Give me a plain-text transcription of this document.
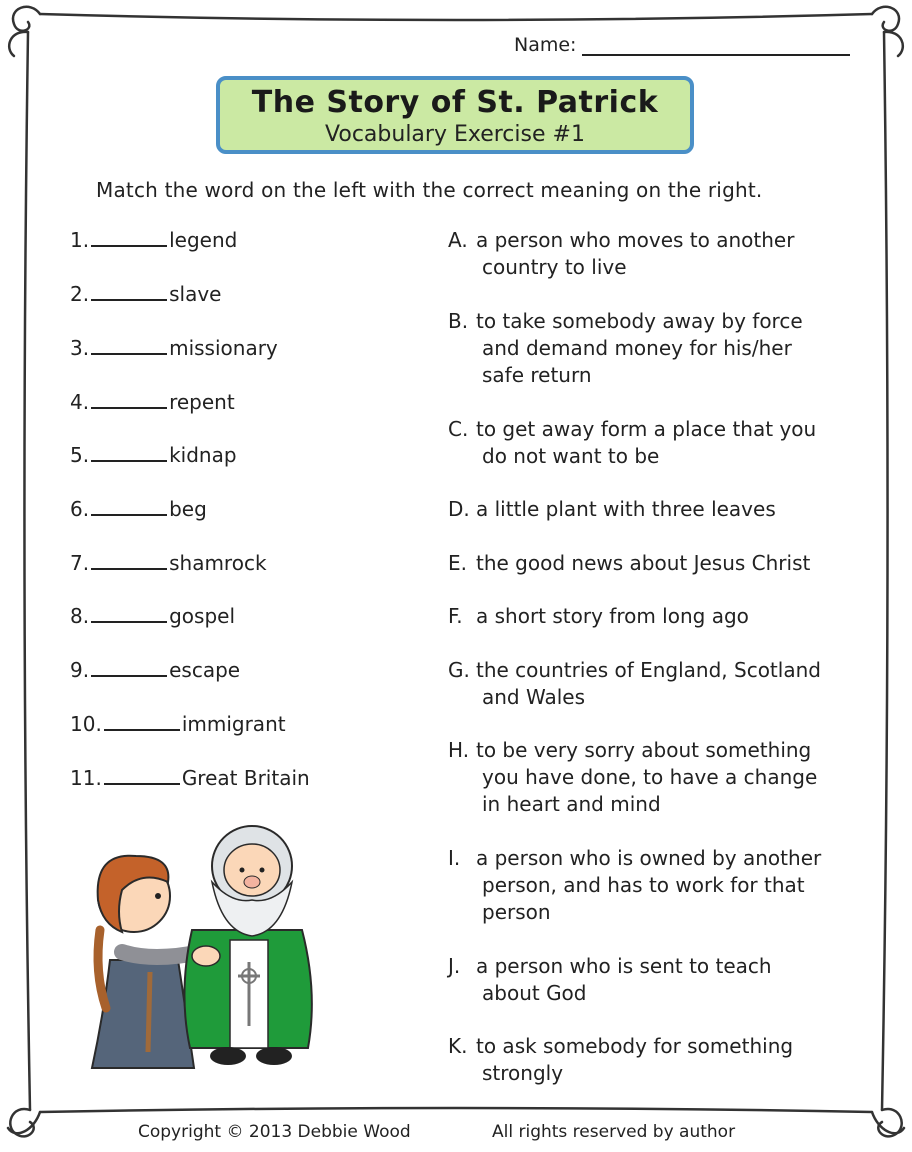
Name:
The Story of St. Patrick
Vocabulary Exercise #1
Match the word on the left with the correct meaning on the right.
1.	legend
2.	slave
3.	missionary
4.	repent
5.	kidnap
6.	beg
7.	shamrock
8.	gospel
9.	escape
10.	immigrant
11.	Great Britain
A. a person who moves to another
country to live
B. to take somebody away by force
and demand money for his/her
safe return
C. to get away form a place that you
do not want to be
D. a little plant with three leaves
E. the good news about Jesus Christ
F. a short story from long ago
G. the countries of England, Scotland
and Wales
H. to be very sorry about something
you have done, to have a change
in heart and mind
I. a person who is owned by another
person, and has to work for that
person
J. a person who is sent to teach
about God
K. to ask somebody for something
strongly
Copyright © 2013 Debbie Wood	All rights reserved by author
